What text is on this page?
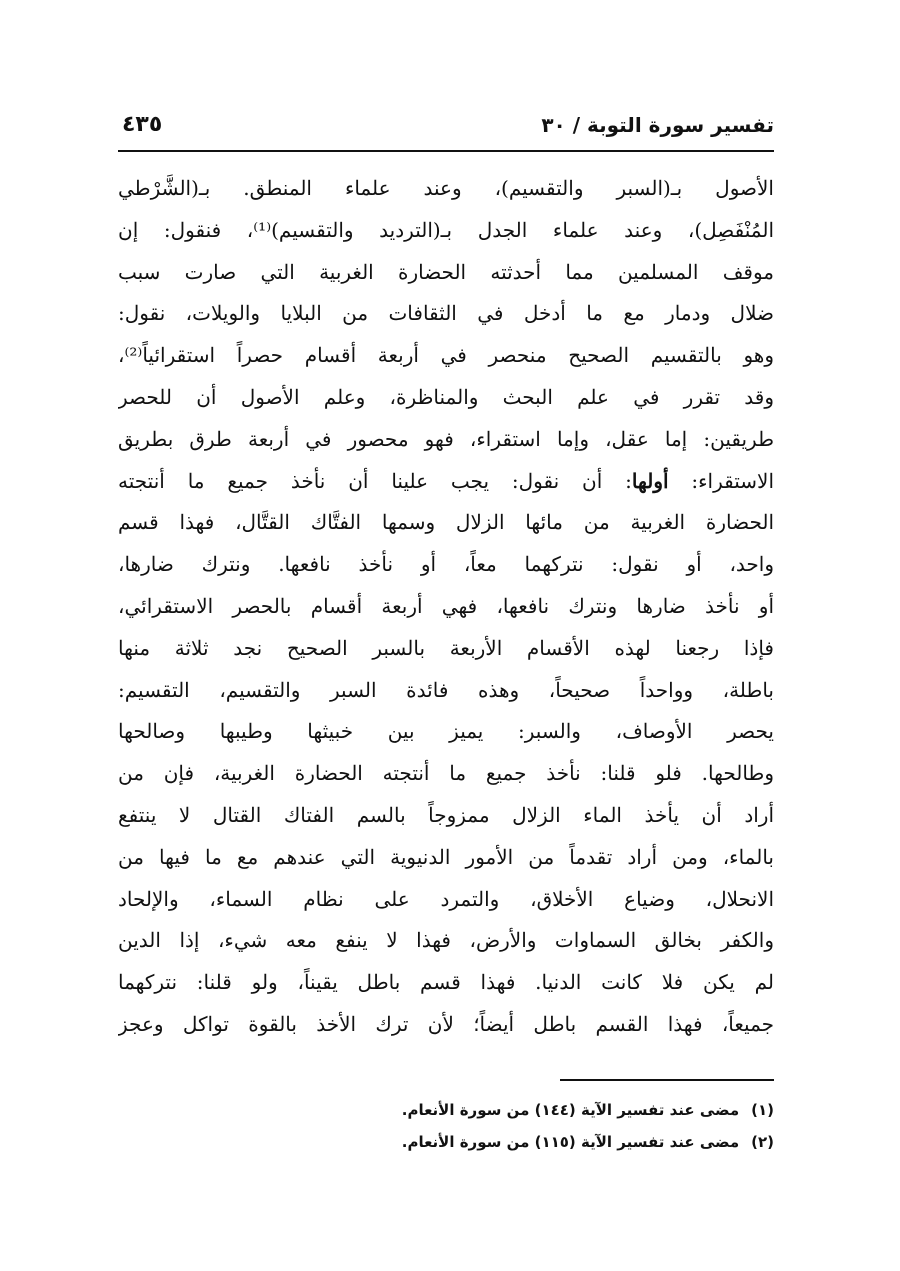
تفسير سورة التوبة / ٣٠
٤٣٥
الأصول بـ(السبر والتقسيم)، وعند علماء المنطق. بـ(الشَّرْطي
المُنْفَصِل)، وعند علماء الجدل بـ(الترديد والتقسيم)⁽¹⁾، فنقول: إن
موقف المسلمين مما أحدثته الحضارة الغربية التي صارت سبب
ضلال ودمار مع ما أدخل في الثقافات من البلايا والويلات، نقول:
وهو بالتقسيم الصحيح منحصر في أربعة أقسام حصراً استقرائياً⁽²⁾،
وقد تقرر في علم البحث والمناظرة، وعلم الأصول أن للحصر
طريقين: إما عقل، وإما استقراء، فهو محصور في أربعة طرق بطريق
الاستقراء: أولها: أن نقول: يجب علينا أن نأخذ جميع ما أنتجته
الحضارة الغربية من مائها الزلال وسمها الفتَّاك القتَّال، فهذا قسم
واحد، أو نقول: نتركهما معاً، أو نأخذ نافعها. ونترك ضارها،
أو نأخذ ضارها ونترك نافعها، فهي أربعة أقسام بالحصر الاستقرائي،
فإذا رجعنا لهذه الأقسام الأربعة بالسبر الصحيح نجد ثلاثة منها
باطلة، وواحداً صحيحاً، وهذه فائدة السبر والتقسيم، التقسيم:
يحصر الأوصاف، والسبر: يميز بين خبيثها وطيبها وصالحها
وطالحها. فلو قلنا: نأخذ جميع ما أنتجته الحضارة الغربية، فإن من
أراد أن يأخذ الماء الزلال ممزوجاً بالسم الفتاك القتال لا ينتفع
بالماء، ومن أراد تقدماً من الأمور الدنيوية التي عندهم مع ما فيها من
الانحلال، وضياع الأخلاق، والتمرد على نظام السماء، والإلحاد
والكفر بخالق السماوات والأرض، فهذا لا ينفع معه شيء، إذا الدين
لم يكن فلا كانت الدنيا. فهذا قسم باطل يقيناً، ولو قلنا: نتركهما
جميعاً، فهذا القسم باطل أيضاً؛ لأن ترك الأخذ بالقوة تواكل وعجز
(١)مضى عند تفسير الآية (١٤٤) من سورة الأنعام.
(٢)مضى عند تفسير الآية (١١٥) من سورة الأنعام.
